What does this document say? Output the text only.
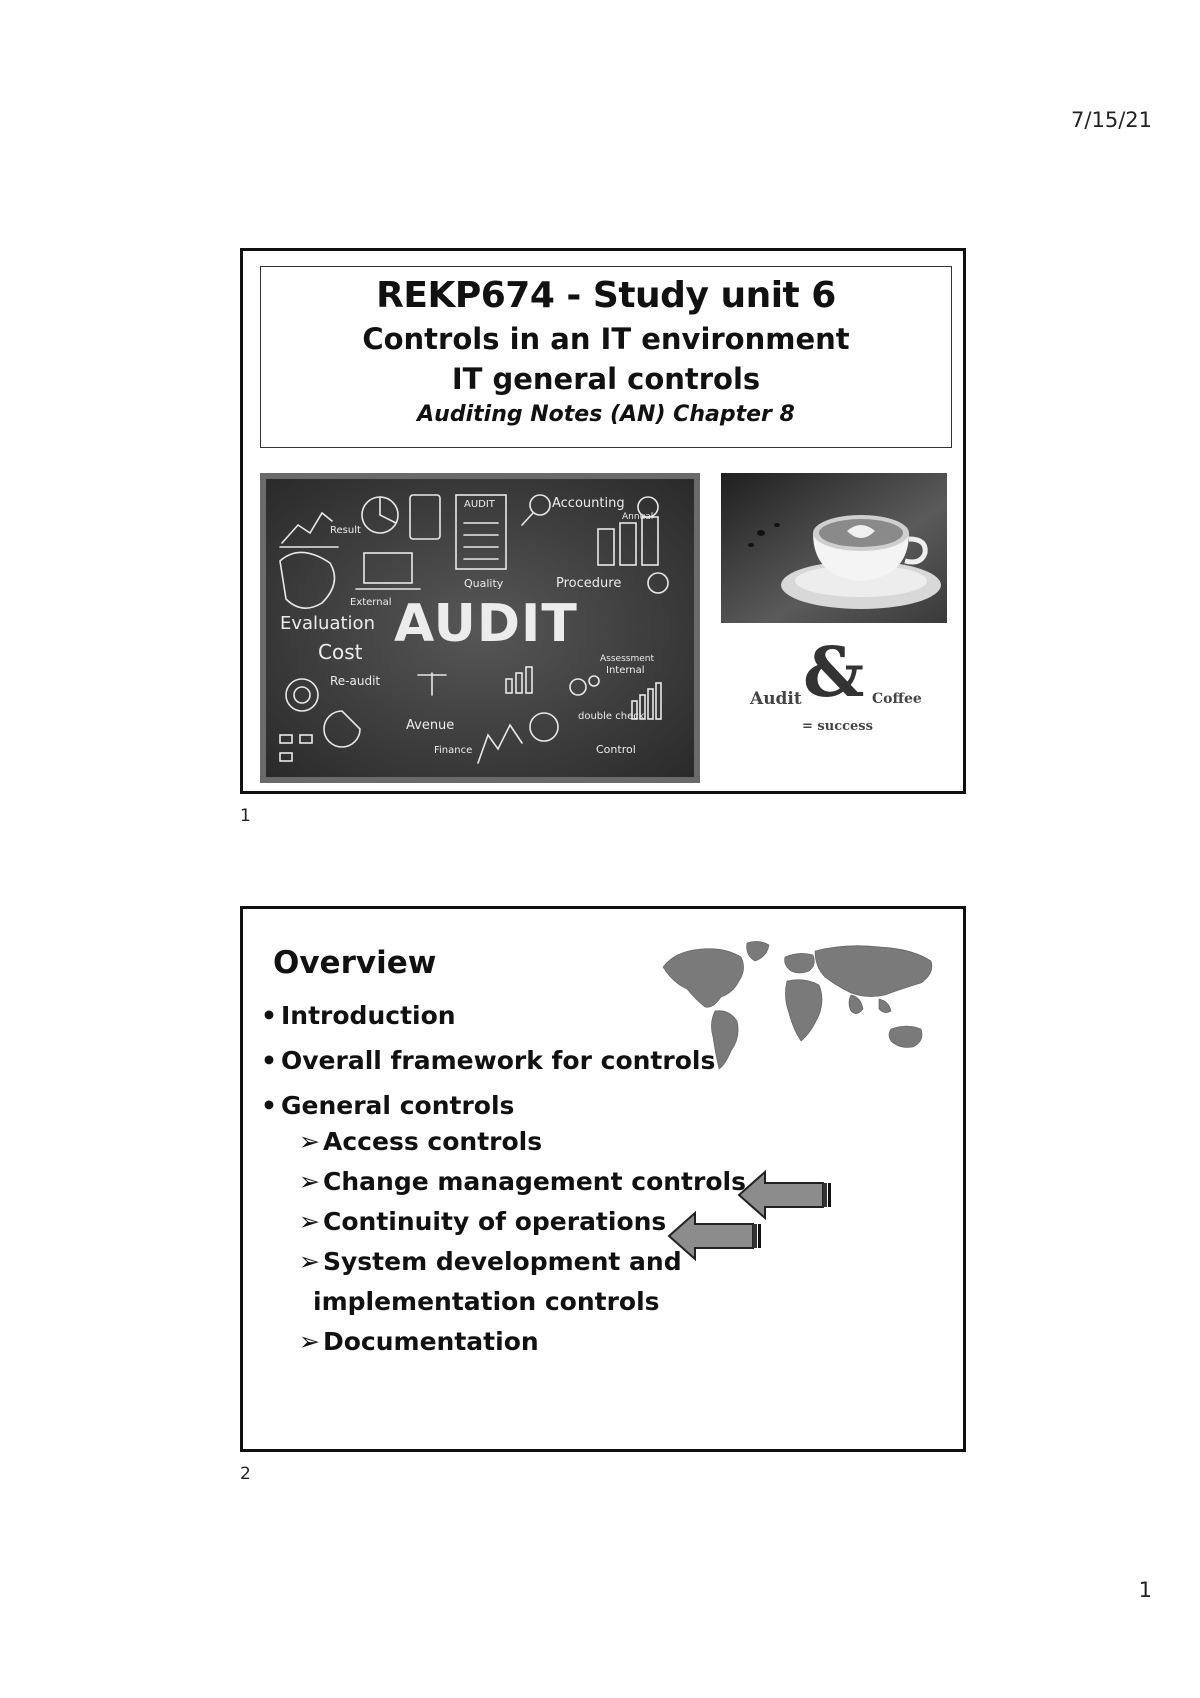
7/15/21
REKP674 - Study unit 6
Controls in an IT environment
IT general controls
Auditing Notes (AN) Chapter 8
AUDIT
Evaluation
Cost
Re-audit
Accounting
Procedure
Quality
External
Result
Assessment
Internal
double check
Control
Finance
Avenue
Annual
AUDIT
Audit & Coffee
= success
1
Overview
• Introduction
• Overall framework for controls
• General controls
➢ Access controls
➢ Change management controls
➢ Continuity of operations
➢ System development and
implementation controls
➢ Documentation
2
1
